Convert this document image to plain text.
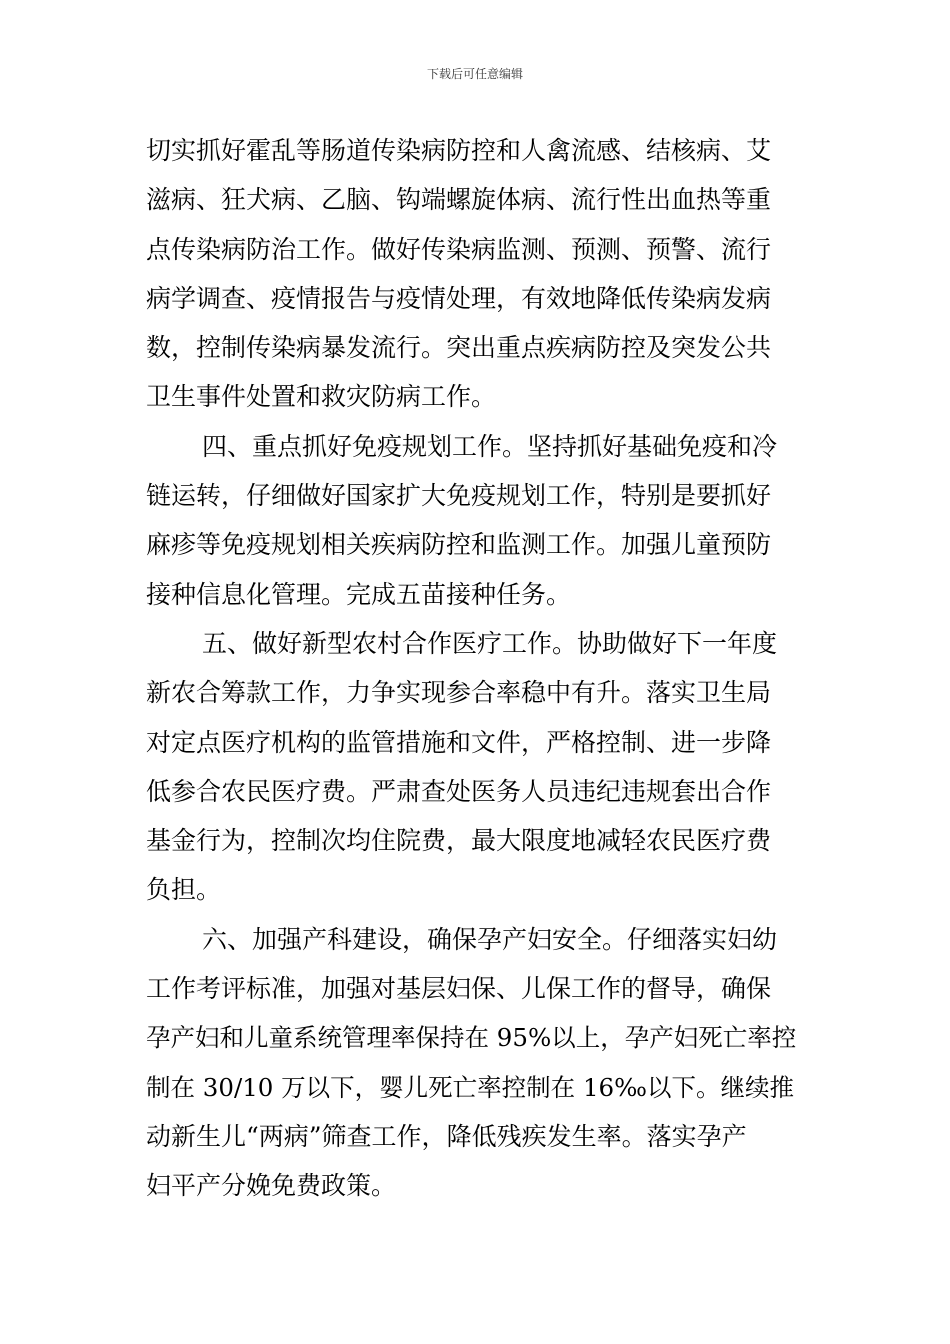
下载后可任意编辑
切实抓好霍乱等肠道传染病防控和人禽流感、结核病、艾
滋病、狂犬病、乙脑、钩端螺旋体病、流行性出血热等重
点传染病防治工作。做好传染病监测、预测、预警、流行
病学调查、疫情报告与疫情处理，有效地降低传染病发病
数，控制传染病暴发流行。突出重点疾病防控及突发公共
卫生事件处置和救灾防病工作。
四、重点抓好免疫规划工作。坚持抓好基础免疫和冷
链运转，仔细做好国家扩大免疫规划工作，特别是要抓好
麻疹等免疫规划相关疾病防控和监测工作。加强儿童预防
接种信息化管理。完成五苗接种任务。
五、做好新型农村合作医疗工作。协助做好下一年度
新农合筹款工作，力争实现参合率稳中有升。落实卫生局
对定点医疗机构的监管措施和文件，严格控制、进一步降
低参合农民医疗费。严肃查处医务人员违纪违规套出合作
基金行为，控制次均住院费，最大限度地减轻农民医疗费
负担。
六、加强产科建设，确保孕产妇安全。仔细落实妇幼
工作考评标准，加强对基层妇保、儿保工作的督导，确保
孕产妇和儿童系统管理率保持在 95%以上，孕产妇死亡率控
制在 30/10 万以下，婴儿死亡率控制在 16‰以下。继续推
动新生儿“两病”筛查工作，降低残疾发生率。落实孕产
妇平产分娩免费政策。
